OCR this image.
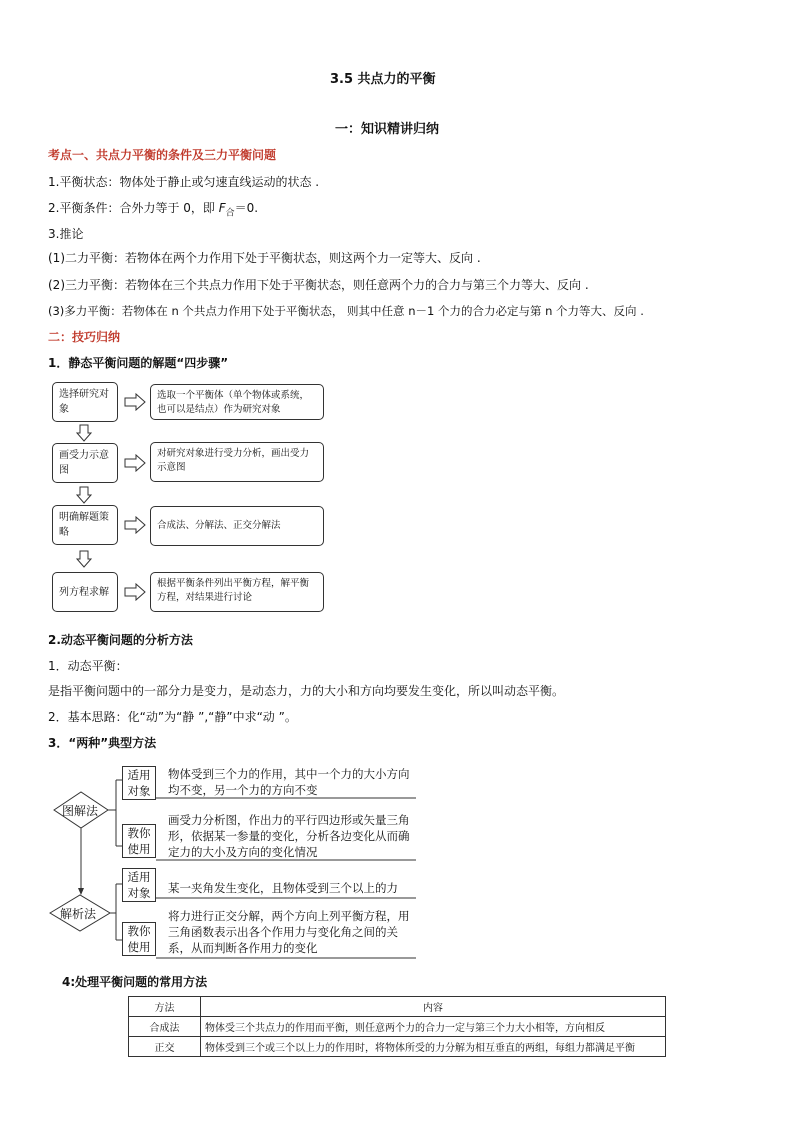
3.5 共点力的平衡
一：知识精讲归纳
考点一、共点力平衡的条件及三力平衡问题
1.平衡状态：物体处于静止或匀速直线运动的状态 .
2.平衡条件：合外力等于 0，即 $F_合=0$.
3.推论
(1)二力平衡：若物体在两个力作用下处于平衡状态，则这两个力一定等大、反向 .
(2)三力平衡：若物体在三个共点力作用下处于平衡状态，则任意两个力的合力与第三个力等大、反向 .
(3)多力平衡：若物体在 n 个共点力作用下处于平衡状态， 则其中任意 n－1 个力的合力必定与第 n 个力等大、反向 .
二：技巧归纳
1．静态平衡问题的解题“四步骤”
选择研究对象
选取一个平衡体（单个物体或系统，也可以是结点）作为研究对象
画受力示意图
对研究对象进行受力分析，画出受力示意图
明确解题策略
合成法、分解法、正交分解法
列方程求解
根据平衡条件列出平衡方程，解平衡方程，对结果进行讨论
2.动态平衡问题的分析方法
1．动态平衡：
是指平衡问题中的一部分力是变力，是动态力，力的大小和方向均要发生变化，所以叫动态平衡。
2．基本思路：化“动”为“静 ”,“静”中求“动 ”。
3．“两种”典型方法
图解法
解析法
适用对象
教你使用
适用对象
教你使用
物体受到三个力的作用，其中一个力的大小方向均不变，另一个力的方向不变
画受力分析图，作出力的平行四边形或矢量三角形，依据某一参量的变化，分析各边变化从而确定力的大小及方向的变化情况
某一夹角发生变化，且物体受到三个以上的力
将力进行正交分解，两个方向上列平衡方程，用三角函数表示出各个作用力与变化角之间的关系，从而判断各作用力的变化
4:处理平衡问题的常用方法
方法	内容
合成法	物体受三个共点力的作用而平衡，则任意两个力的合力一定与第三个力大小相等，方向相反
正交	物体受到三个或三个以上力的作用时，将物体所受的力分解为相互垂直的两组，每组力都满足平衡
